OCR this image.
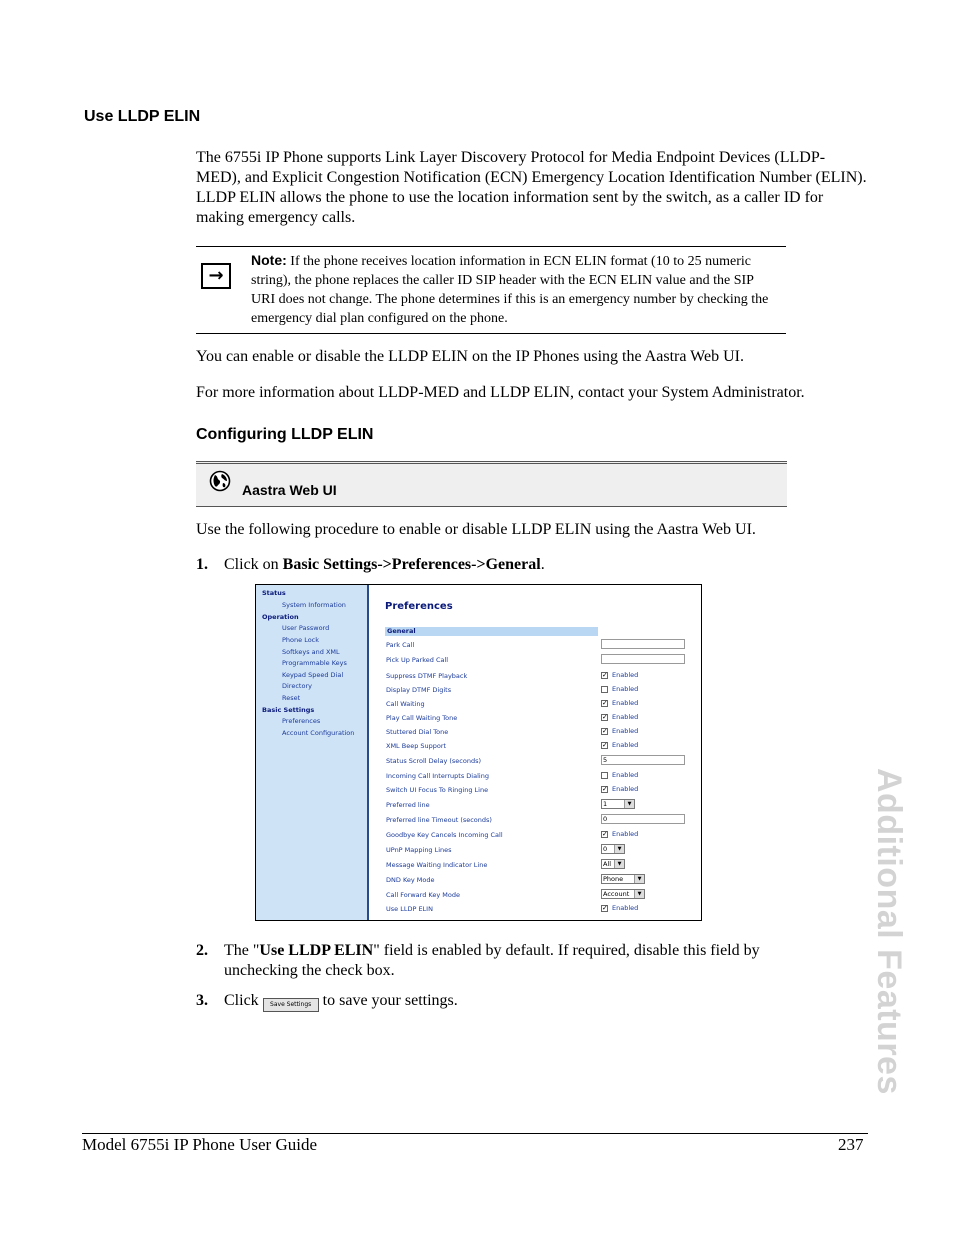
Use LLDP ELIN
The 6755i IP Phone supports Link Layer Discovery Protocol for Media Endpoint Devices (LLDP-MED), and Explicit Congestion Notification (ECN) Emergency Location Identification Number (ELIN). LLDP ELIN allows the phone to use the location information sent by the switch, as a caller ID for making emergency calls.
→
Note: If the phone receives location information in ECN ELIN format (10 to 25 numeric string), the phone replaces the caller ID SIP header with the ECN ELIN value and the SIP URI does not change. The phone determines if this is an emergency number by checking the emergency dial plan configured on the phone.
You can enable or disable the LLDP ELIN on the IP Phones using the Aastra Web UI.
For more information about LLDP-MED and LLDP ELIN, contact your System Administrator.
Configuring LLDP ELIN
Aastra Web UI
Use the following procedure to enable or disable LLDP ELIN using the Aastra Web UI.
1.	Click on Basic Settings->Preferences->General.
Status
System Information
Operation
User Password
Phone Lock
Softkeys and XML
Programmable Keys
Keypad Speed Dial
Directory
Reset
Basic Settings
Preferences
Account Configuration
Preferences
General
Park Call
Pick Up Parked Call
Suppress DTMF Playback	✓ Enabled
Display DTMF Digits	Enabled
Call Waiting	✓ Enabled
Play Call Waiting Tone	✓ Enabled
Stuttered Dial Tone	✓ Enabled
XML Beep Support	✓ Enabled
Status Scroll Delay (seconds)	5
Incoming Call Interrupts Dialing	Enabled
Switch UI Focus To Ringing Line	✓ Enabled
Preferred line	1	▼
Preferred line Timeout (seconds)	0
Goodbye Key Cancels Incoming Call	✓ Enabled
UPnP Mapping Lines	0	▼
Message Waiting Indicator Line	All	▼
DND Key Mode	Phone	▼
Call Forward Key Mode	Account	▼
Use LLDP ELIN	✓ Enabled
2.	The "Use LLDP ELIN" field is enabled by default. If required, disable this field by unchecking the check box.
3.	Click Save Settings to save your settings.	Additional Features
Model 6755i IP Phone User Guide	237
